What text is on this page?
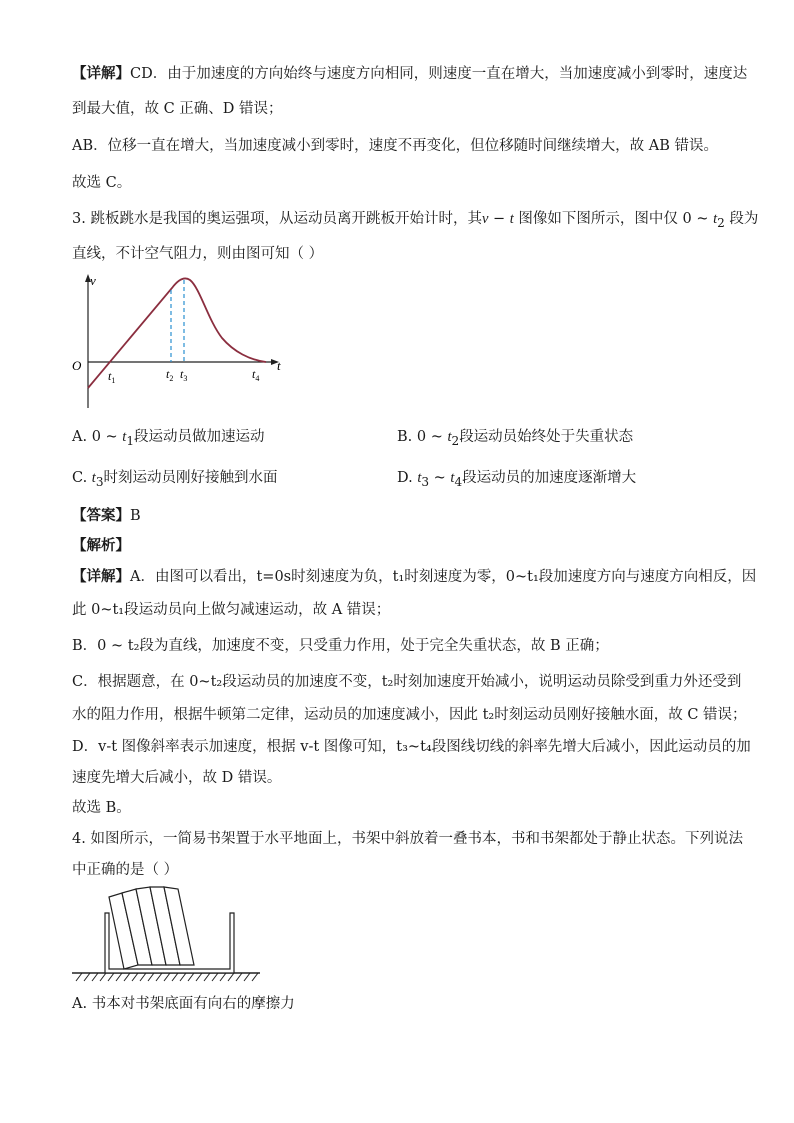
【详解】CD．由于加速度的方向始终与速度方向相同，则速度一直在增大，当加速度减小到零时，速度达
到最大值，故 C 正确、D 错误；
AB．位移一直在增大，当加速度减小到零时，速度不再变化，但位移随时间继续增大，故 AB 错误。
故选 C。
3. 跳板跳水是我国的奥运强项，从运动员离开跳板开始计时，其v − t 图像如下图所示，图中仅 0 ~ $t_2$ 段为
直线，不计空气阻力，则由图可知（ ）
v
t
O
$t_1$	$t_2$ $t_3$	$t_4$
A. 0 ~ $t_1$段运动员做加速运动	B. 0 ~ $t_2$段运动员始终处于失重状态
C. $t_3$时刻运动员刚好接触到水面	D. $t_3$ ~ $t_4$段运动员的加速度逐渐增大
【答案】B
【解析】
【详解】A．由图可以看出，t=0s时刻速度为负，t₁时刻速度为零，0~t₁段加速度方向与速度方向相反，因
此 0~t₁段运动员向上做匀减速运动，故 A 错误；
B．0 ~ t₂段为直线，加速度不变，只受重力作用，处于完全失重状态，故 B 正确；
C．根据题意，在 0~t₂段运动员的加速度不变，t₂时刻加速度开始减小，说明运动员除受到重力外还受到
水的阻力作用，根据牛顿第二定律，运动员的加速度减小，因此 t₂时刻运动员刚好接触水面，故 C 错误；
D．v-t 图像斜率表示加速度，根据 v-t 图像可知，t₃~t₄段图线切线的斜率先增大后减小，因此运动员的加
速度先增大后减小，故 D 错误。
故选 B。
4. 如图所示，一简易书架置于水平地面上，书架中斜放着一叠书本，书和书架都处于静止状态。下列说法
中正确的是（ ）
A. 书本对书架底面有向右的摩擦力
